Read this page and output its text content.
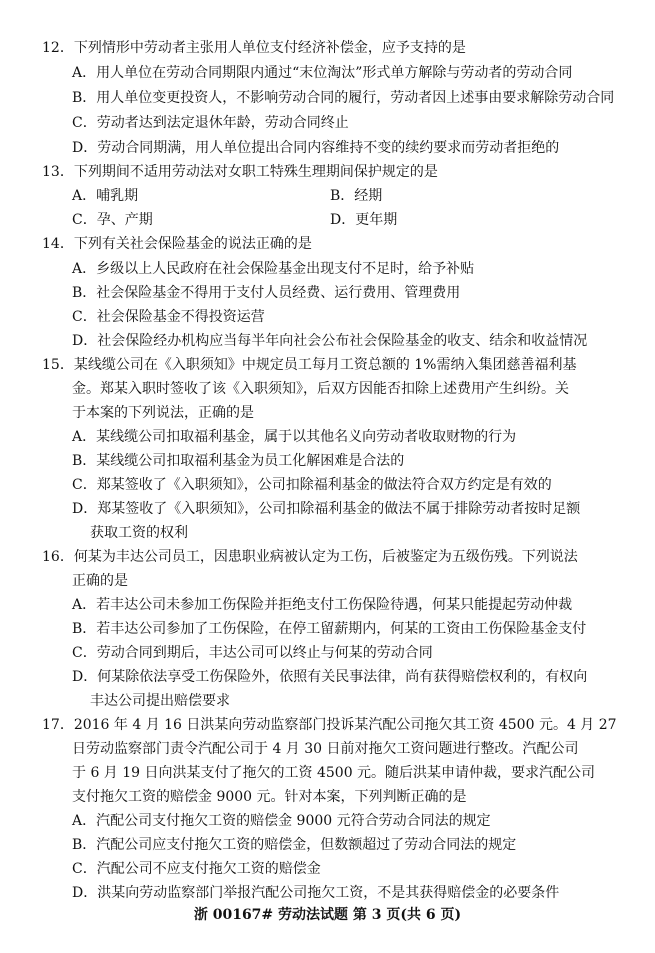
12．下列情形中劳动者主张用人单位支付经济补偿金，应予支持的是
A．用人单位在劳动合同期限内通过“末位淘汰”形式单方解除与劳动者的劳动合同
B．用人单位变更投资人，不影响劳动合同的履行，劳动者因上述事由要求解除劳动合同
C．劳动者达到法定退休年龄，劳动合同终止
D．劳动合同期满，用人单位提出合同内容维持不变的续约要求而劳动者拒绝的
13．下列期间不适用劳动法对女职工特殊生理期间保护规定的是
A．哺乳期	B．经期
C．孕、产期	D．更年期
14．下列有关社会保险基金的说法正确的是
A．乡级以上人民政府在社会保险基金出现支付不足时，给予补贴
B．社会保险基金不得用于支付人员经费、运行费用、管理费用
C．社会保险基金不得投资运营
D．社会保险经办机构应当每半年向社会公布社会保险基金的收支、结余和收益情况
15．某线缆公司在《入职须知》中规定员工每月工资总额的 1%需纳入集团慈善福利基
金。郑某入职时签收了该《入职须知》，后双方因能否扣除上述费用产生纠纷。关
于本案的下列说法，正确的是
A．某线缆公司扣取福利基金，属于以其他名义向劳动者收取财物的行为
B．某线缆公司扣取福利基金为员工化解困难是合法的
C．郑某签收了《入职须知》，公司扣除福利基金的做法符合双方约定是有效的
D．郑某签收了《入职须知》，公司扣除福利基金的做法不属于排除劳动者按时足额
获取工资的权利
16．何某为丰达公司员工，因患职业病被认定为工伤，后被鉴定为五级伤残。下列说法
正确的是
A．若丰达公司未参加工伤保险并拒绝支付工伤保险待遇，何某只能提起劳动仲裁
B．若丰达公司参加了工伤保险，在停工留薪期内，何某的工资由工伤保险基金支付
C．劳动合同到期后，丰达公司可以终止与何某的劳动合同
D．何某除依法享受工伤保险外，依照有关民事法律，尚有获得赔偿权利的，有权向
丰达公司提出赔偿要求
17．2016 年 4 月 16 日洪某向劳动监察部门投诉某汽配公司拖欠其工资 4500 元。4 月 27
日劳动监察部门责令汽配公司于 4 月 30 日前对拖欠工资问题进行整改。汽配公司
于 6 月 19 日向洪某支付了拖欠的工资 4500 元。随后洪某申请仲裁，要求汽配公司
支付拖欠工资的赔偿金 9000 元。针对本案，下列判断正确的是
A．汽配公司支付拖欠工资的赔偿金 9000 元符合劳动合同法的规定
B．汽配公司应支付拖欠工资的赔偿金，但数额超过了劳动合同法的规定
C．汽配公司不应支付拖欠工资的赔偿金
D．洪某向劳动监察部门举报汽配公司拖欠工资，不是其获得赔偿金的必要条件
浙 00167# 劳动法试题 第 3 页(共 6 页)
